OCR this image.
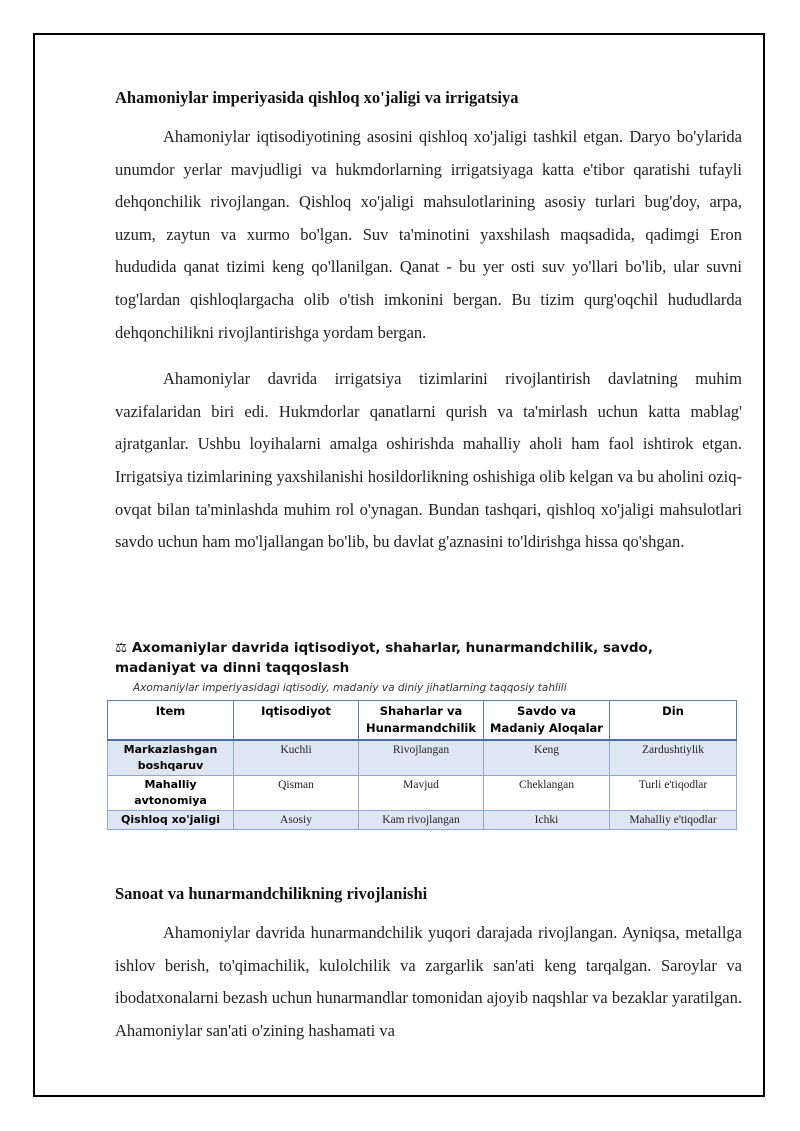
Ahamoniylar imperiyasida qishloq xo'jaligi va irrigatsiya

Ahamoniylar iqtisodiyotining asosini qishloq xo'jaligi tashkil etgan. Daryo bo'ylarida unumdor yerlar mavjudligi va hukmdorlarning irrigatsiyaga katta e'tibor qaratishi tufayli dehqonchilik rivojlangan. Qishloq xo'jaligi mahsulotlarining asosiy turlari bug'doy, arpa, uzum, zaytun va xurmo bo'lgan. Suv ta'minotini yaxshilash maqsadida, qadimgi Eron hududida qanat tizimi keng qo'llanilgan. Qanat - bu yer osti suv yo'llari bo'lib, ular suvni tog'lardan qishloqlargacha olib o'tish imkonini bergan. Bu tizim qurg'oqchil hududlarda dehqonchilikni rivojlantirishga yordam bergan.

Ahamoniylar davrida irrigatsiya tizimlarini rivojlantirish davlatning muhim vazifalaridan biri edi. Hukmdorlar qanatlarni qurish va ta'mirlash uchun katta mablag' ajratganlar. Ushbu loyihalarni amalga oshirishda mahalliy aholi ham faol ishtirok etgan. Irrigatsiya tizimlarining yaxshilanishi hosildorlikning oshishiga olib kelgan va bu aholini oziq-ovqat bilan ta'minlashda muhim rol o'ynagan. Bundan tashqari, qishloq xo'jaligi mahsulotlari savdo uchun ham mo'ljallangan bo'lib, bu davlat g'aznasini to'ldirishga hissa qo'shgan.

⚖ Axomaniylar davrida iqtisodiyot, shaharlar, hunarmandchilik, savdo, madaniyat va dinni taqqoslash
Axomaniylar imperiyasidagi iqtisodiy, madaniy va diniy jihatlarning taqqosiy tahlili
Item	Iqtisodiyot	Shaharlar va Hunarmandchilik	Savdo va Madaniy Aloqalar	Din
Markazlashgan boshqaruv	Kuchli	Rivojlangan	Keng	Zardushtiylik
Mahalliy avtonomiya	Qisman	Mavjud	Cheklangan	Turli e'tiqodlar
Qishloq xo'jaligi	Asosiy	Kam rivojlangan	Ichki	Mahalliy e'tiqodlar
Sanoat va hunarmandchilikning rivojlanishi

Ahamoniylar davrida hunarmandchilik yuqori darajada rivojlangan. Ayniqsa, metallga ishlov berish, to'qimachilik, kulolchilik va zargarlik san'ati keng tarqalgan. Saroylar va ibodatxonalarni bezash uchun hunarmandlar tomonidan ajoyib naqshlar va bezaklar yaratilgan. Ahamoniylar san'ati o'zining hashamati va
